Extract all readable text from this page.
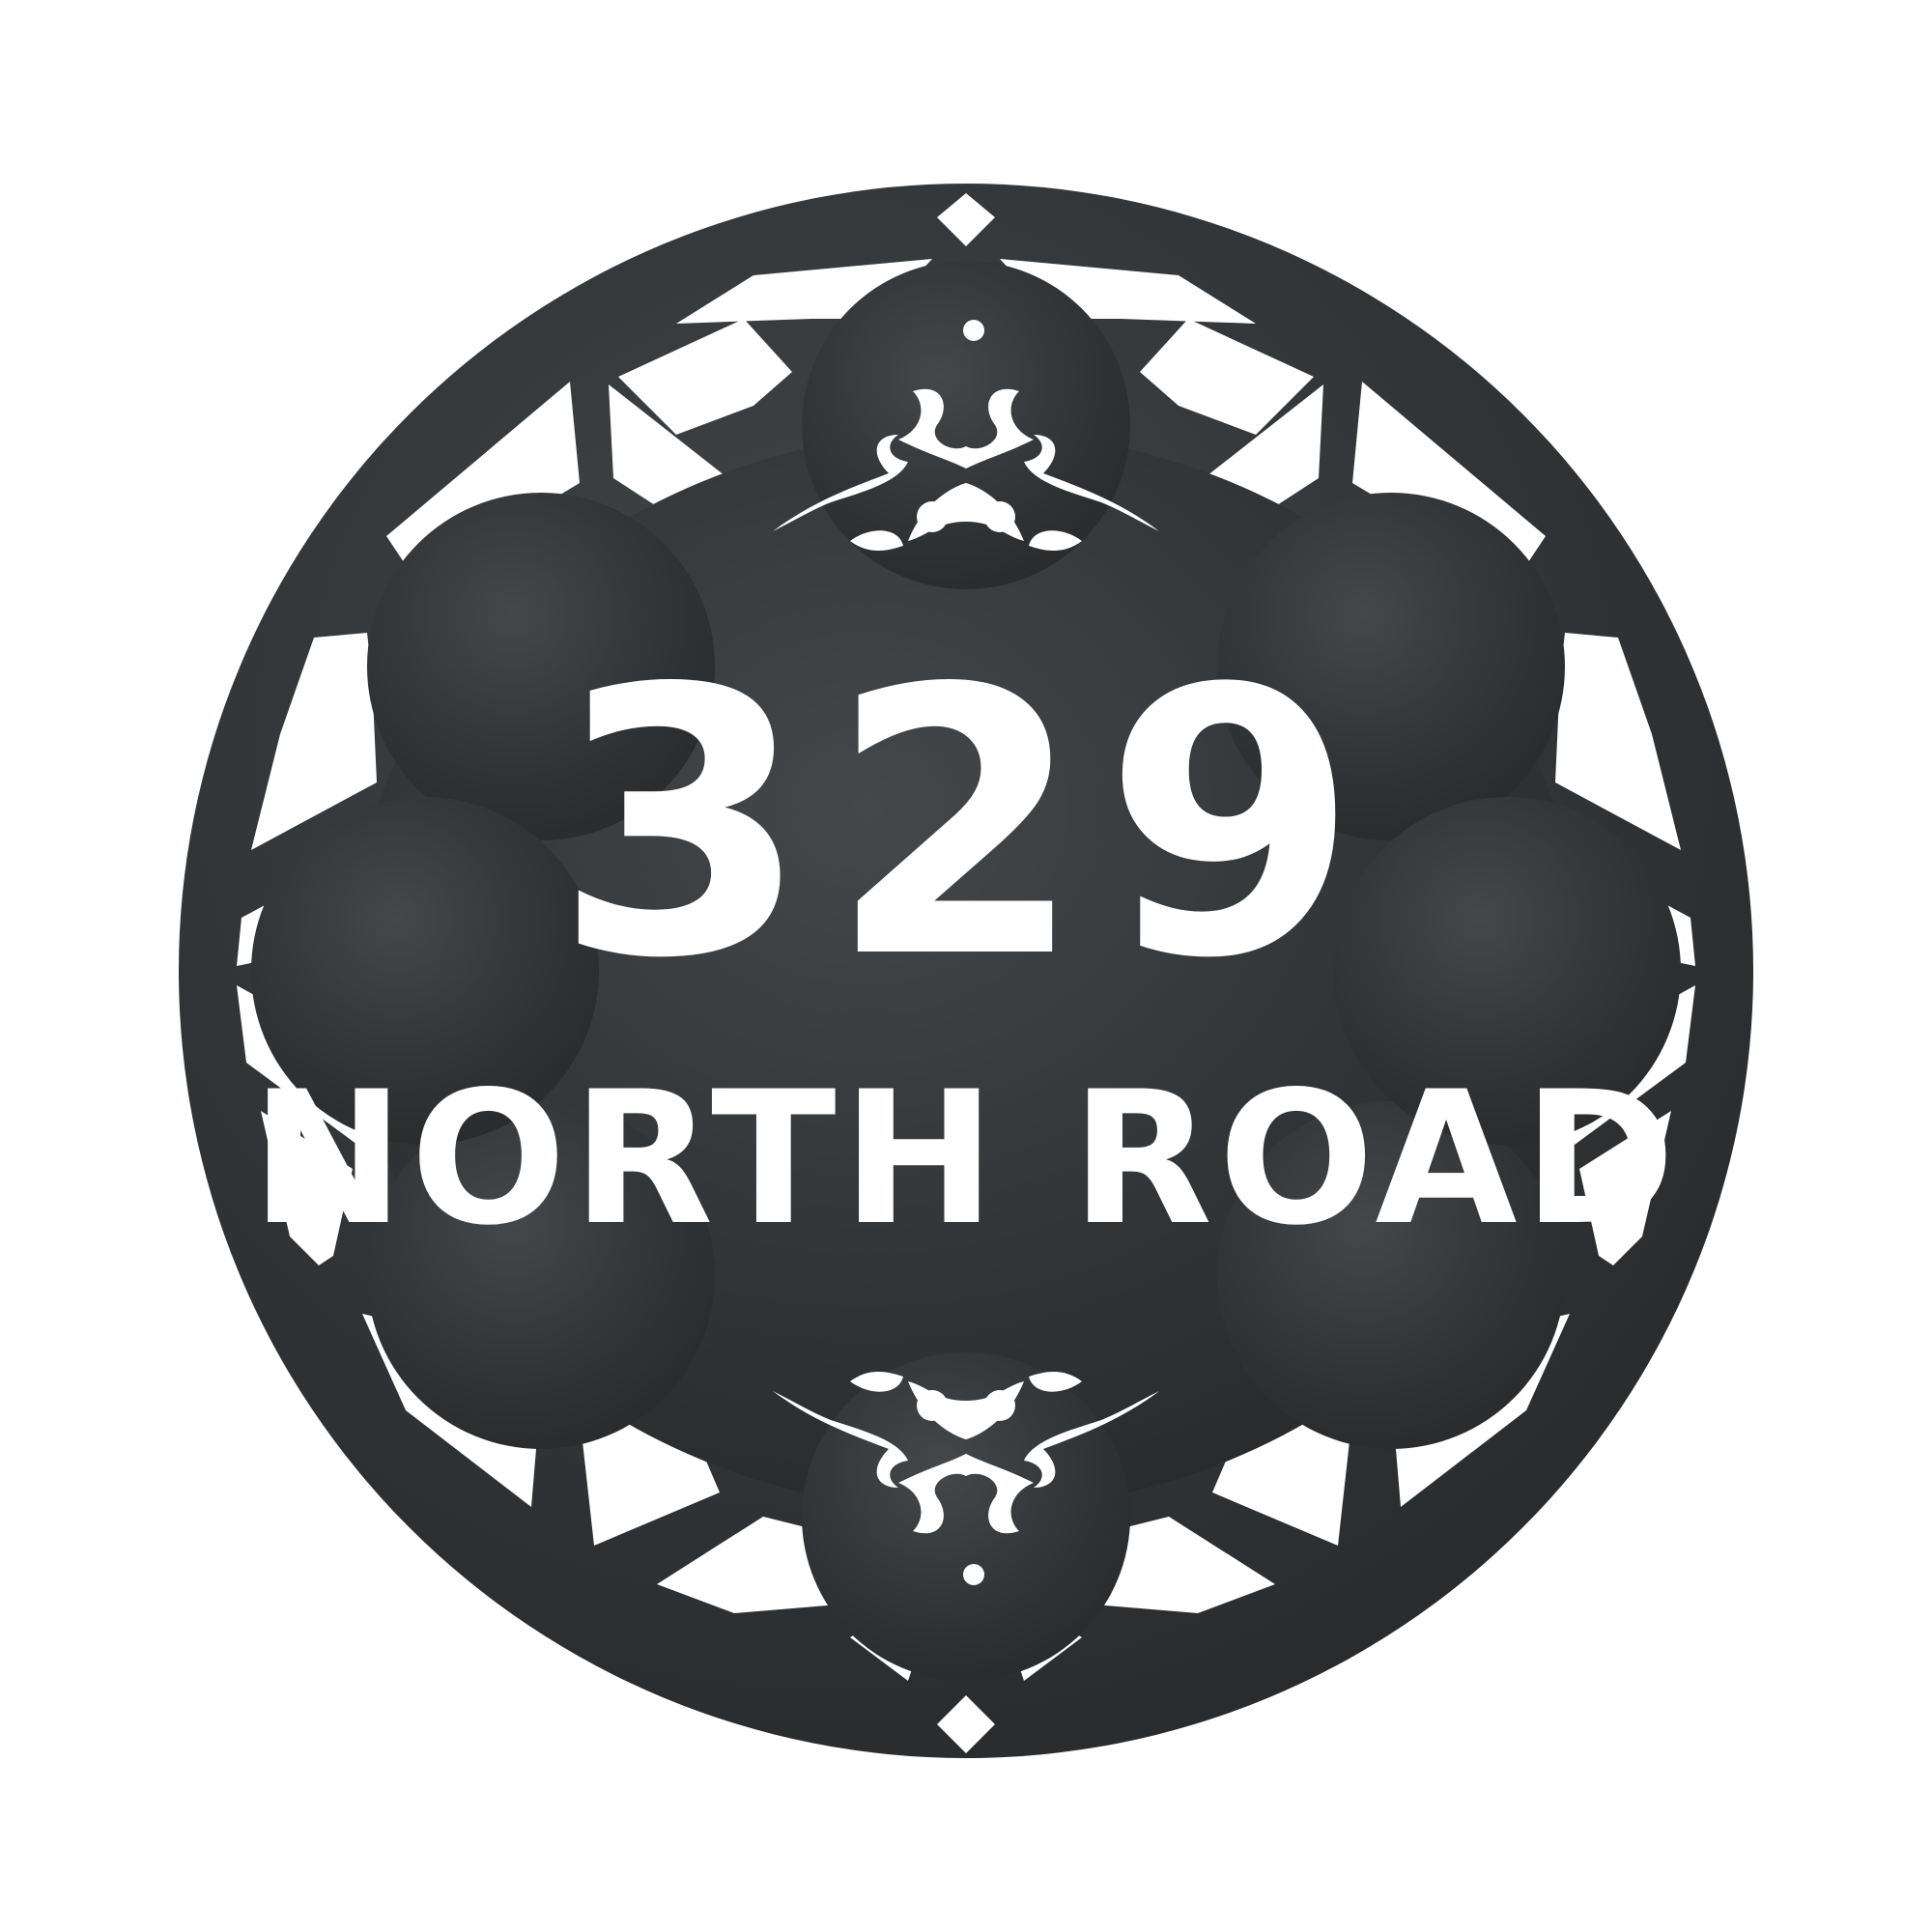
329
NORTH ROAD
